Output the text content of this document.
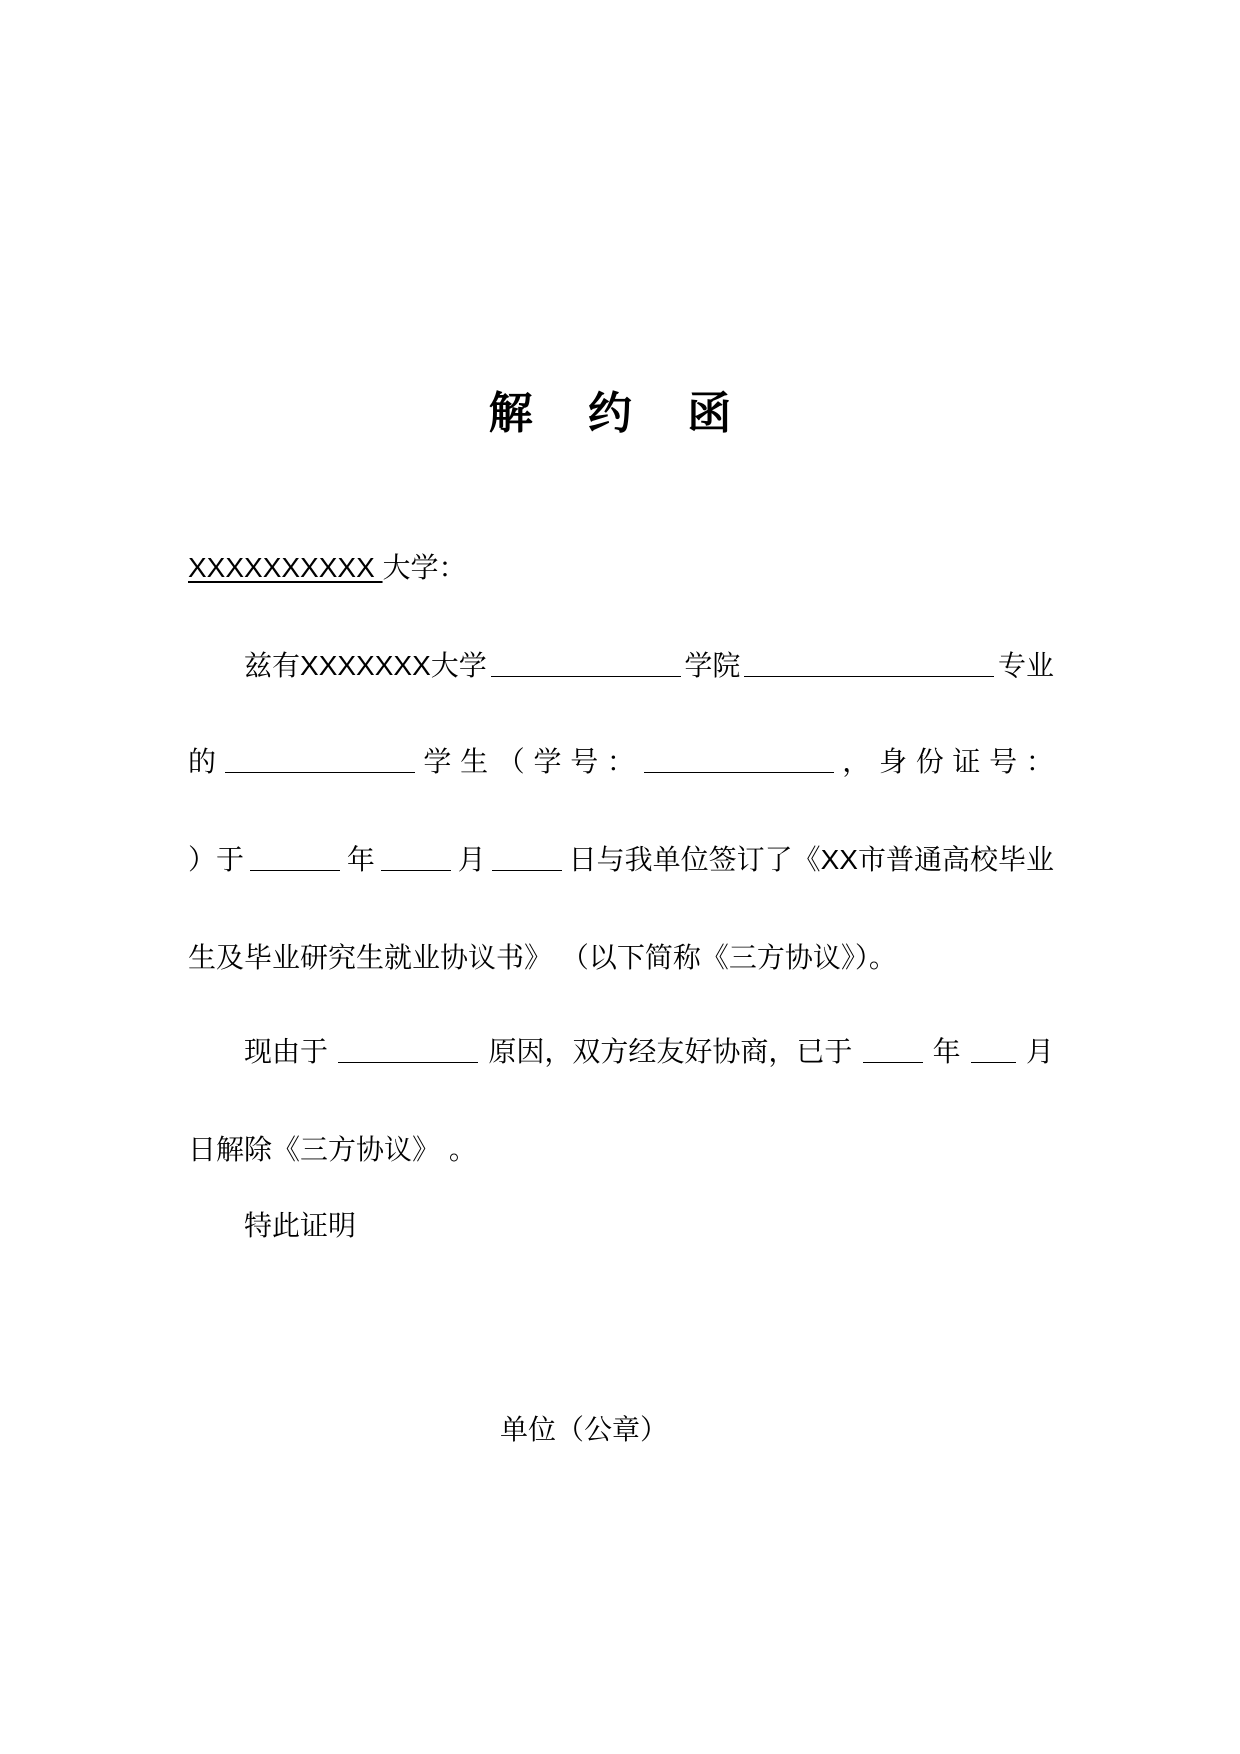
解 约 函
XXXXXXXXXX 大学：
兹有XXXXXXX大学	学院	专业
的	学 生 （ 学 号 ：	， 身 份 证 号 ：
）于	年	月	日与我单位签订了《XX市普通高校毕业
生及毕业研究生就业协议书》 （以下简称《三方协议》）。
现由于	原因，双方经友好协商，已于	年 月
日解除《三方协议》 。
特此证明
单位（公章）
